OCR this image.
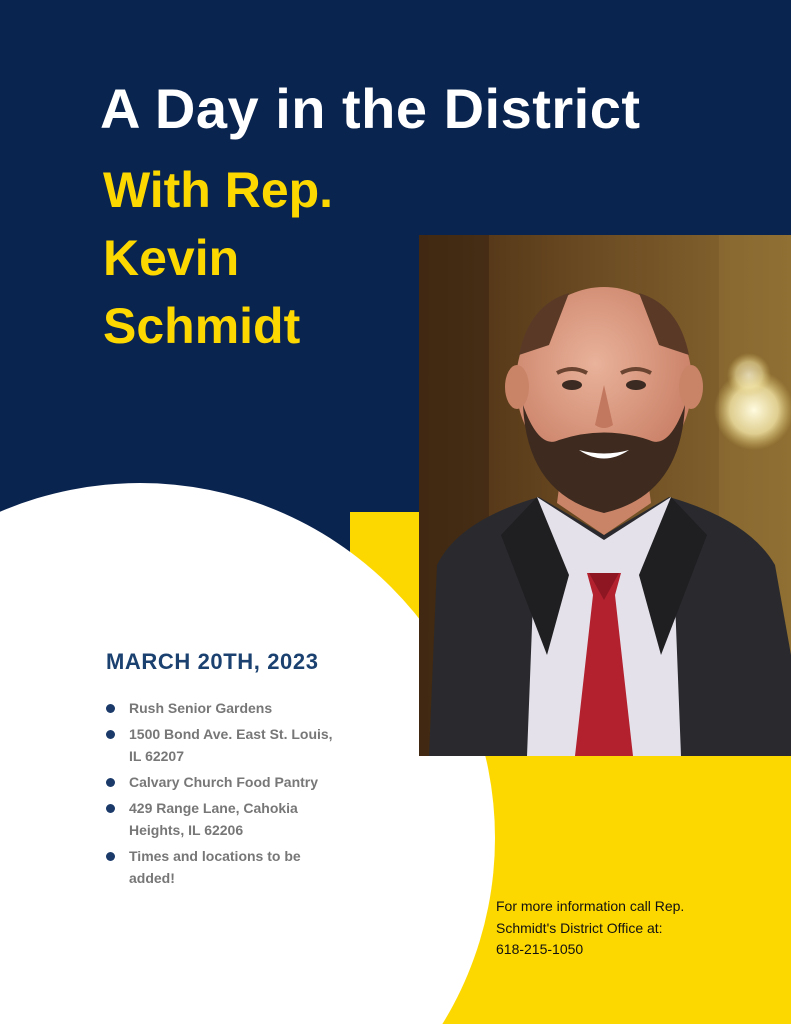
A Day in the District
With Rep.
Kevin
Schmidt

MARCH 20TH, 2023

Rush Senior Gardens
1500 Bond Ave. East St. Louis, IL 62207
Calvary Church Food Pantry
429 Range Lane, Cahokia Heights, IL 62206
Times and locations to be added!

For more information call Rep.
Schmidt's District Office at:
618-215-1050
